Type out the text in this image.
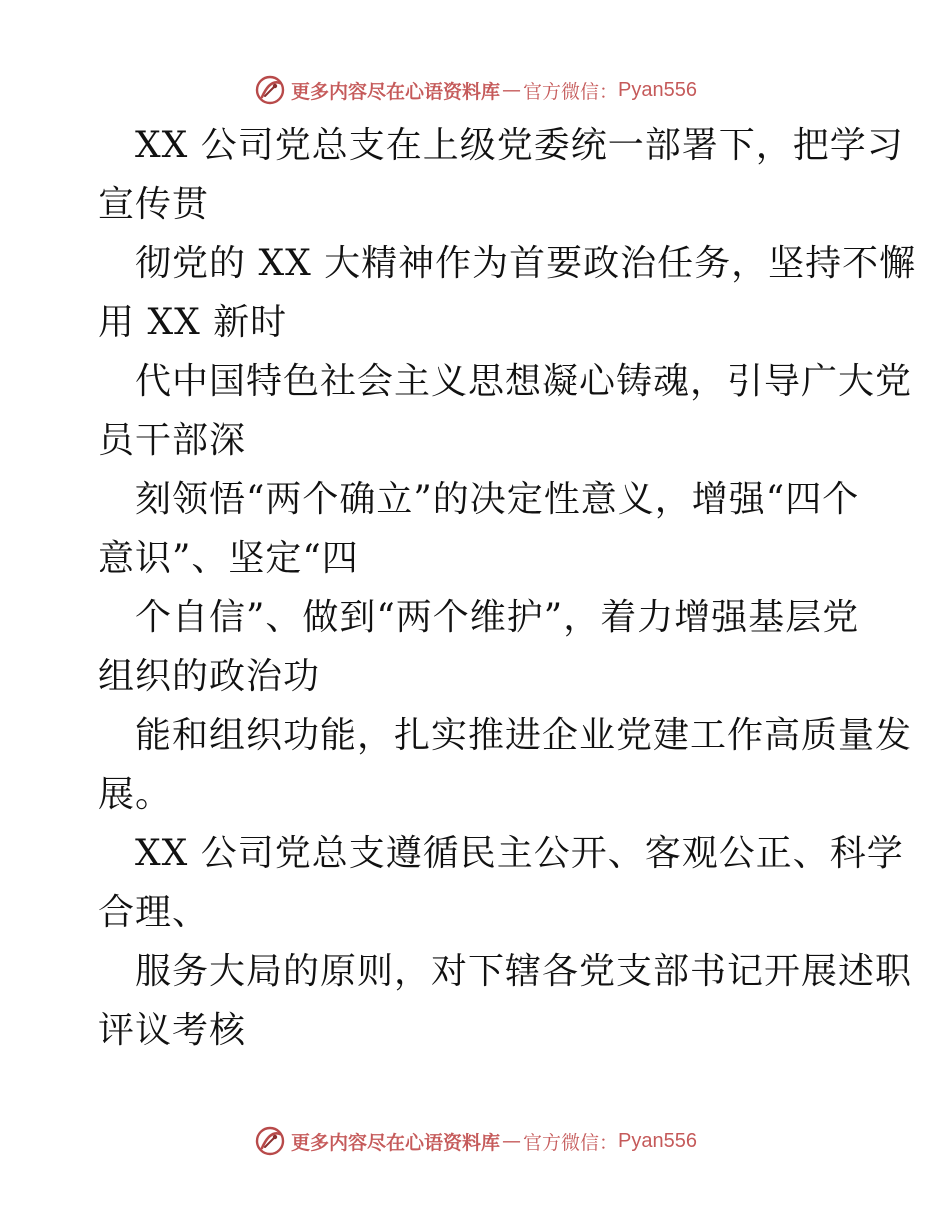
更多内容尽在心语资料库 — 官方微信： Pyan556
XX 公司党总支在上级党委统一部署下，把学习
宣传贯
彻党的 XX 大精神作为首要政治任务，坚持不懈
用 XX 新时
代中国特色社会主义思想凝心铸魂，引导广大党
员干部深
刻领悟“两个确立”的决定性意义，增强“四个
意识”、坚定“四
个自信”、做到“两个维护”，着力增强基层党
组织的政治功
能和组织功能，扎实推进企业党建工作高质量发
展。
XX 公司党总支遵循民主公开、客观公正、科学
合理、
服务大局的原则，对下辖各党支部书记开展述职
评议考核
更多内容尽在心语资料库 — 官方微信： Pyan556
